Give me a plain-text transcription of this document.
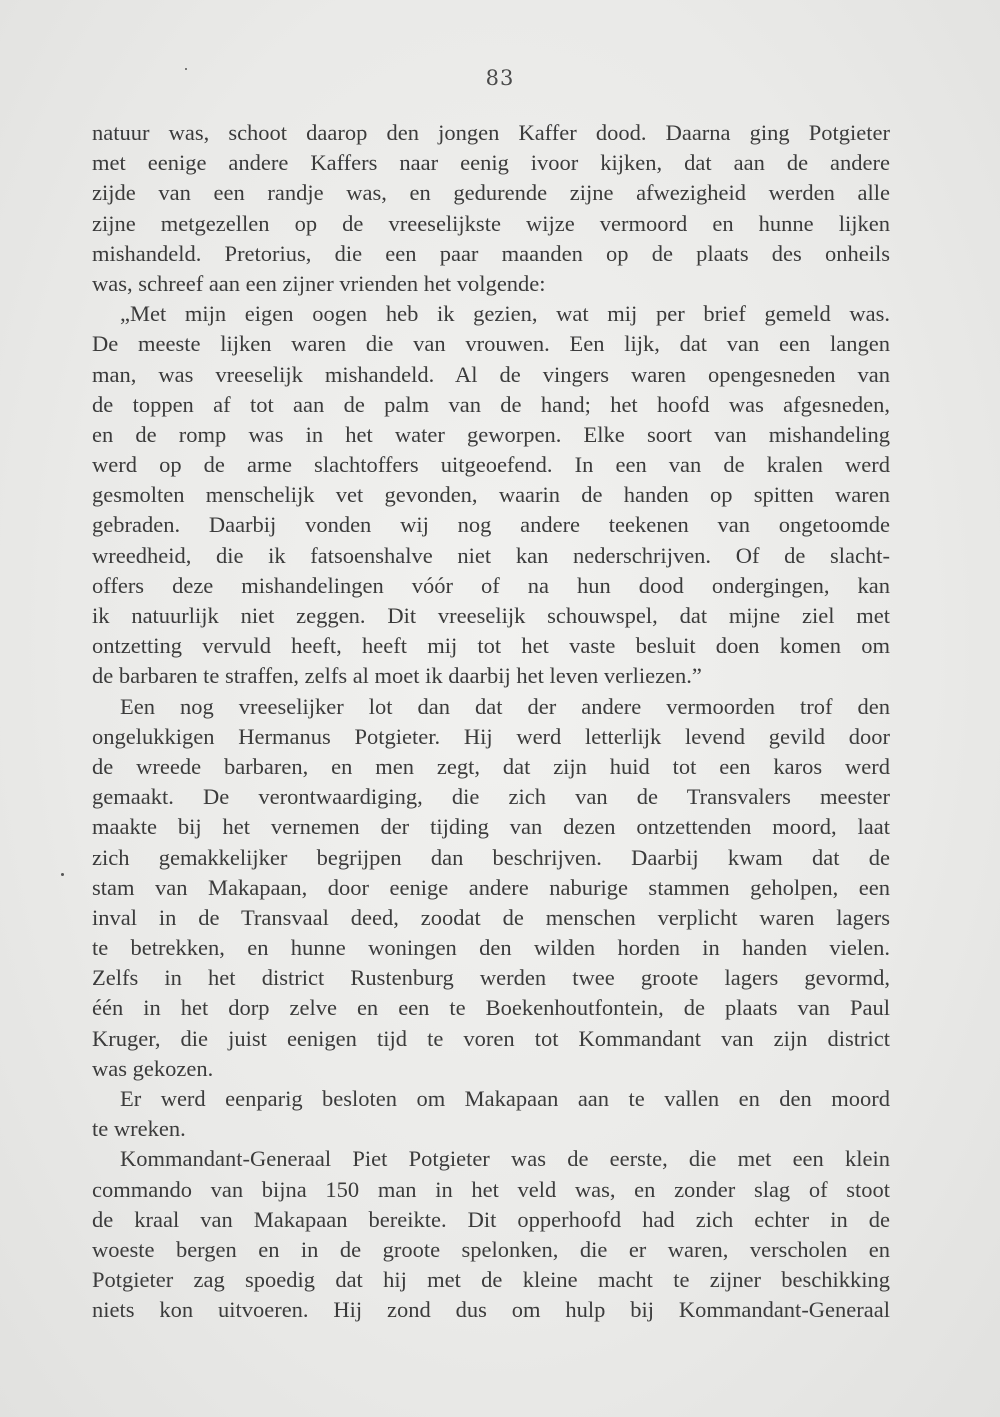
83
natuur was, schoot daarop den jongen Kaffer dood. Daarna ging Potgieter
met eenige andere Kaffers naar eenig ivoor kijken, dat aan de andere
zijde van een randje was, en gedurende zijne afwezigheid werden alle
zijne metgezellen op de vreeselijkste wijze vermoord en hunne lijken
mishandeld. Pretorius, die een paar maanden op de plaats des onheils
was, schreef aan een zijner vrienden het volgende:
„Met mijn eigen oogen heb ik gezien, wat mij per brief gemeld was.
De meeste lijken waren die van vrouwen. Een lijk, dat van een langen
man, was vreeselijk mishandeld. Al de vingers waren opengesneden van
de toppen af tot aan de palm van de hand; het hoofd was afgesneden,
en de romp was in het water geworpen. Elke soort van mishandeling
werd op de arme slachtoffers uitgeoefend. In een van de kralen werd
gesmolten menschelijk vet gevonden, waarin de handen op spitten waren
gebraden. Daarbij vonden wij nog andere teekenen van ongetoomde
wreedheid, die ik fatsoenshalve niet kan nederschrijven. Of de slacht-
offers deze mishandelingen vóór of na hun dood ondergingen, kan
ik natuurlijk niet zeggen. Dit vreeselijk schouwspel, dat mijne ziel met
ontzetting vervuld heeft, heeft mij tot het vaste besluit doen komen om
de barbaren te straffen, zelfs al moet ik daarbij het leven verliezen.”
Een nog vreeselijker lot dan dat der andere vermoorden trof den
ongelukkigen Hermanus Potgieter. Hij werd letterlijk levend gevild door
de wreede barbaren, en men zegt, dat zijn huid tot een karos werd
gemaakt. De verontwaardiging, die zich van de Transvalers meester
maakte bij het vernemen der tijding van dezen ontzettenden moord, laat
zich gemakkelijker begrijpen dan beschrijven. Daarbij kwam dat de
stam van Makapaan, door eenige andere naburige stammen geholpen, een
inval in de Transvaal deed, zoodat de menschen verplicht waren lagers
te betrekken, en hunne woningen den wilden horden in handen vielen.
Zelfs in het district Rustenburg werden twee groote lagers gevormd,
één in het dorp zelve en een te Boekenhoutfontein, de plaats van Paul
Kruger, die juist eenigen tijd te voren tot Kommandant van zijn district
was gekozen.
Er werd eenparig besloten om Makapaan aan te vallen en den moord
te wreken.
Kommandant-Generaal Piet Potgieter was de eerste, die met een klein
commando van bijna 150 man in het veld was, en zonder slag of stoot
de kraal van Makapaan bereikte. Dit opperhoofd had zich echter in de
woeste bergen en in de groote spelonken, die er waren, verscholen en
Potgieter zag spoedig dat hij met de kleine macht te zijner beschikking
niets kon uitvoeren. Hij zond dus om hulp bij Kommandant-Generaal
